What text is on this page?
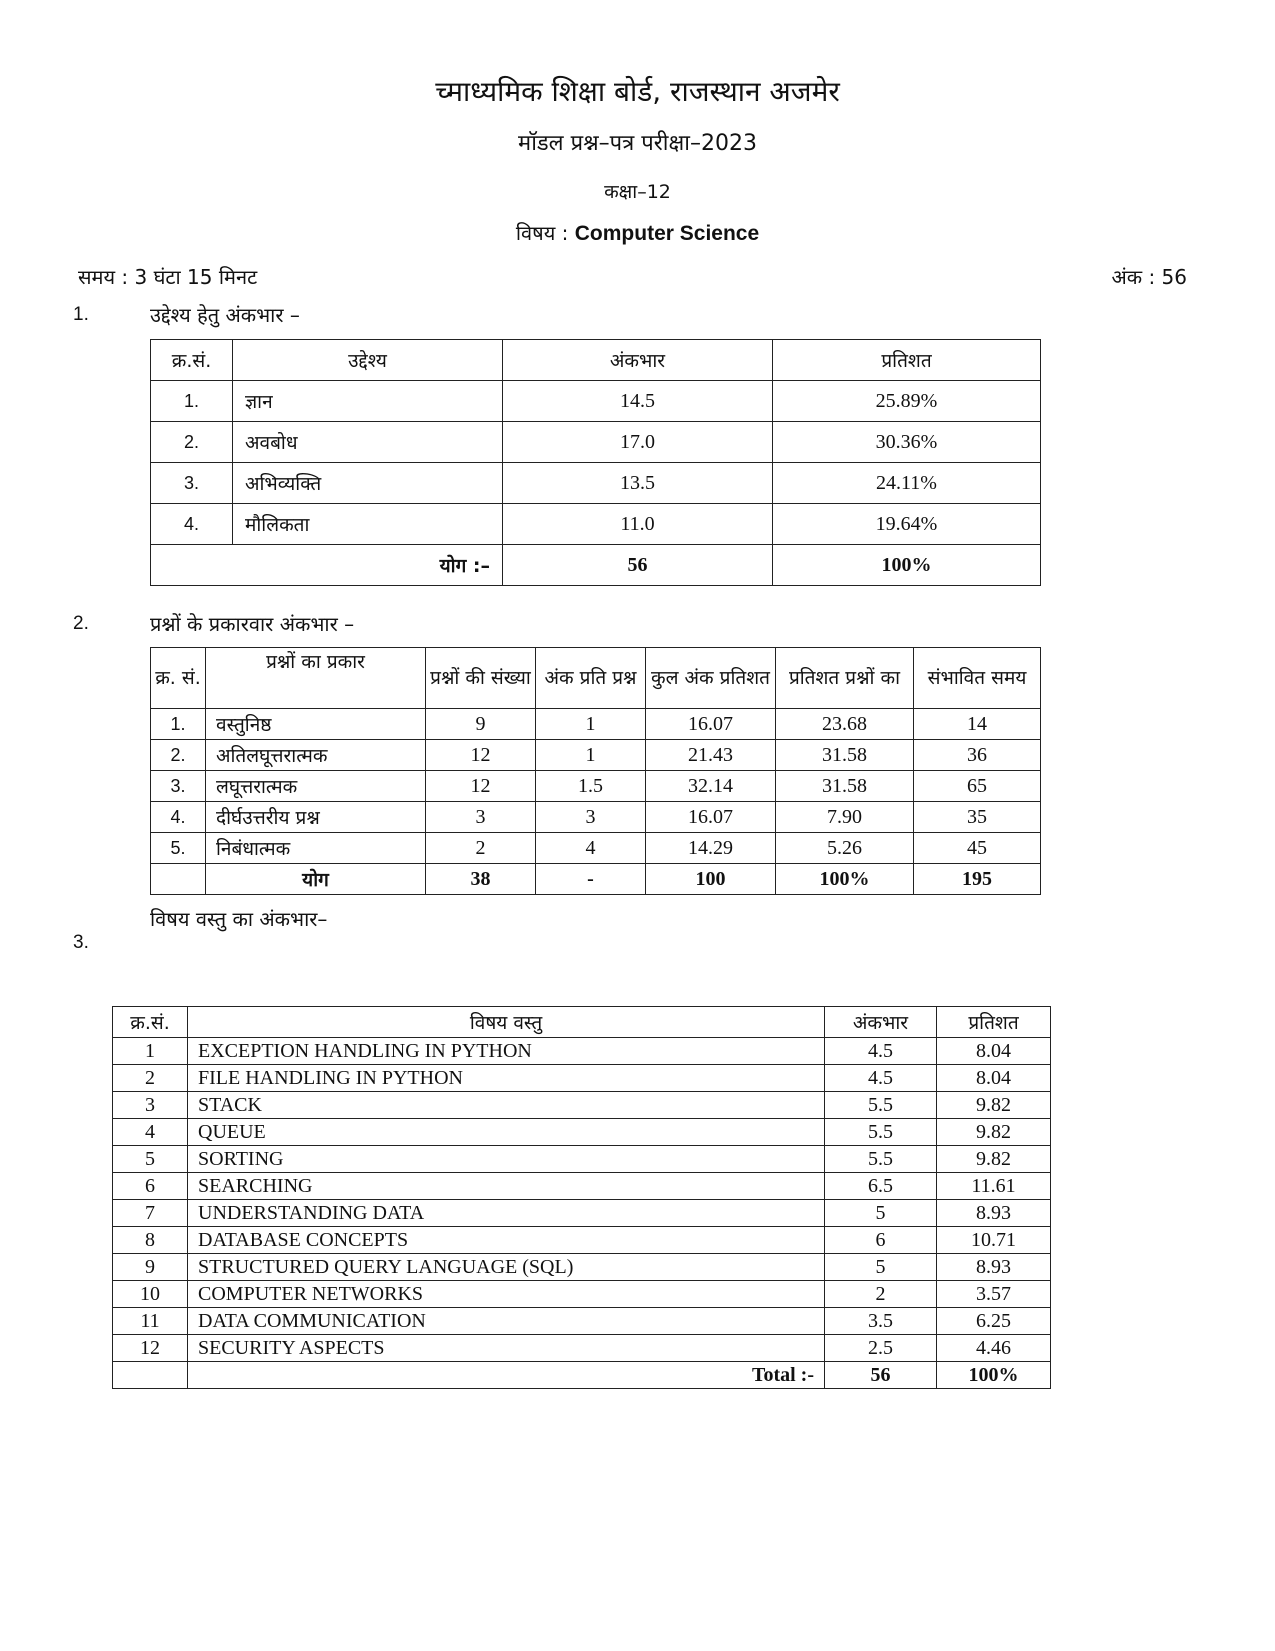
च्माध्यमिक शिक्षा बोर्ड, राजस्थान अजमेर
मॉडल प्रश्न–पत्र परीक्षा–2023
कक्षा–12
विषय : Computer Science
समय : 3 घंटा 15 मिनट	अंक : 56
1.	उद्देश्य हेतु अंकभार –
क्र.सं.	उद्देश्य	अंकभार	प्रतिशत
1.	ज्ञान	14.5	25.89%
2.	अवबोध	17.0	30.36%
3.	अभिव्यक्ति	13.5	24.11%
4.	मौलिकता	11.0	19.64%
योग :–		56	100%
2.	प्रश्नों के प्रकारवार अंकभार –
क्र. सं.	प्रश्नों का प्रकार	प्रश्नों की संख्या	अंक प्रति प्रश्न	कुल अंक प्रतिशत	प्रतिशत प्रश्नों का	संभावित समय
1.	वस्तुनिष्ठ	9	1	16.07	23.68	14
2.	अतिलघूत्तरात्मक	12	1	21.43	31.58	36
3.	लघूत्तरात्मक	12	1.5	32.14	31.58	65
4.	दीर्घउत्तरीय प्रश्न	3	3	16.07	7.90	35
5.	निबंधात्मक	2	4	14.29	5.26	45
	योग	38	-	100	100%	195
3.
विषय वस्तु का अंकभार–
क्र.सं.	विषय वस्तु	अंकभार	प्रतिशत
1	EXCEPTION HANDLING IN PYTHON	4.5	8.04
2	FILE HANDLING IN PYTHON	4.5	8.04
3	STACK	5.5	9.82
4	QUEUE	5.5	9.82
5	SORTING	5.5	9.82
6	SEARCHING	6.5	11.61
7	UNDERSTANDING DATA	5	8.93
8	DATABASE CONCEPTS	6	10.71
9	STRUCTURED QUERY LANGUAGE (SQL)	5	8.93
10	COMPUTER NETWORKS	2	3.57
11	DATA COMMUNICATION	3.5	6.25
12	SECURITY ASPECTS	2.5	4.46
	Total :-	56	100%
